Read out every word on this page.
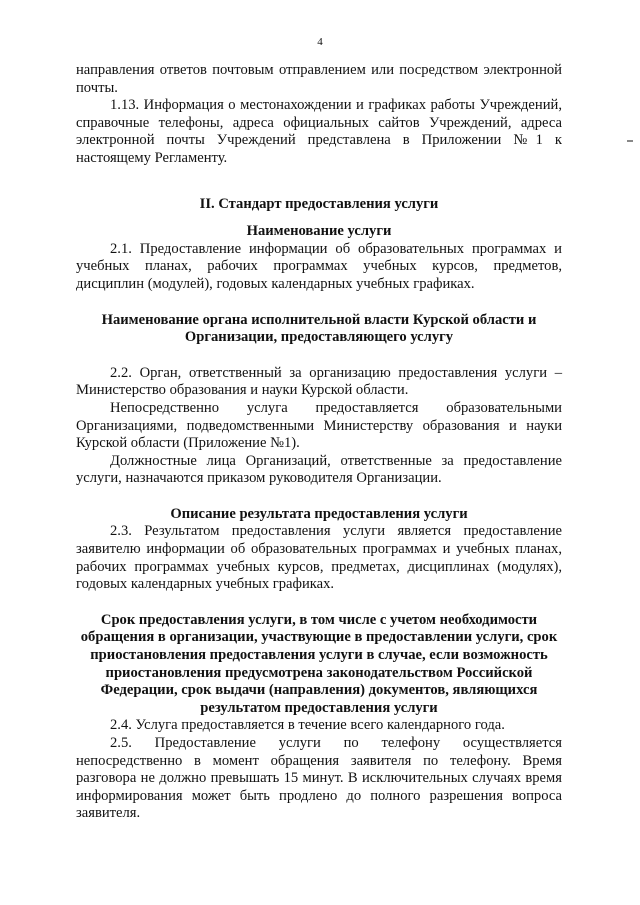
4

направления ответов почтовым отправлением или посредством электронной почты.

1.13. Информация о местонахождении и графиках работы Учреждений, справочные телефоны, адреса официальных сайтов Учреждений, адреса электронной почты Учреждений представлена в Приложении №1 к настоящему Регламенту.

II. Стандарт предоставления услуги

Наименование услуги

2.1. Предоставление информации об образовательных программах и учебных планах, рабочих программах учебных курсов, предметов, дисциплин (модулей), годовых календарных учебных графиках.

Наименование органа исполнительной власти Курской области и Организации, предоставляющего услугу

2.2. Орган, ответственный за организацию предоставления услуги – Министерство образования и науки Курской области.

Непосредственно услуга предоставляется образовательными Организациями, подведомственными Министерству образования и науки Курской области (Приложение №1).

Должностные лица Организаций, ответственные за предоставление услуги, назначаются приказом руководителя Организации.

Описание результата предоставления услуги

2.3. Результатом предоставления услуги является предоставление заявителю информации об образовательных программах и учебных планах, рабочих программах учебных курсов, предметах, дисциплинах (модулях), годовых календарных учебных графиках.

Срок предоставления услуги, в том числе с учетом необходимости обращения в организации, участвующие в предоставлении услуги, срок приостановления предоставления услуги в случае, если возможность приостановления предусмотрена законодательством Российской Федерации, срок выдачи (направления) документов, являющихся результатом предоставления услуги

2.4. Услуга предоставляется в течение всего календарного года.

2.5. Предоставление услуги по телефону осуществляется непосредственно в момент обращения заявителя по телефону. Время разговора не должно превышать 15 минут. В исключительных случаях время информирования может быть продлено до полного разрешения вопроса заявителя.
